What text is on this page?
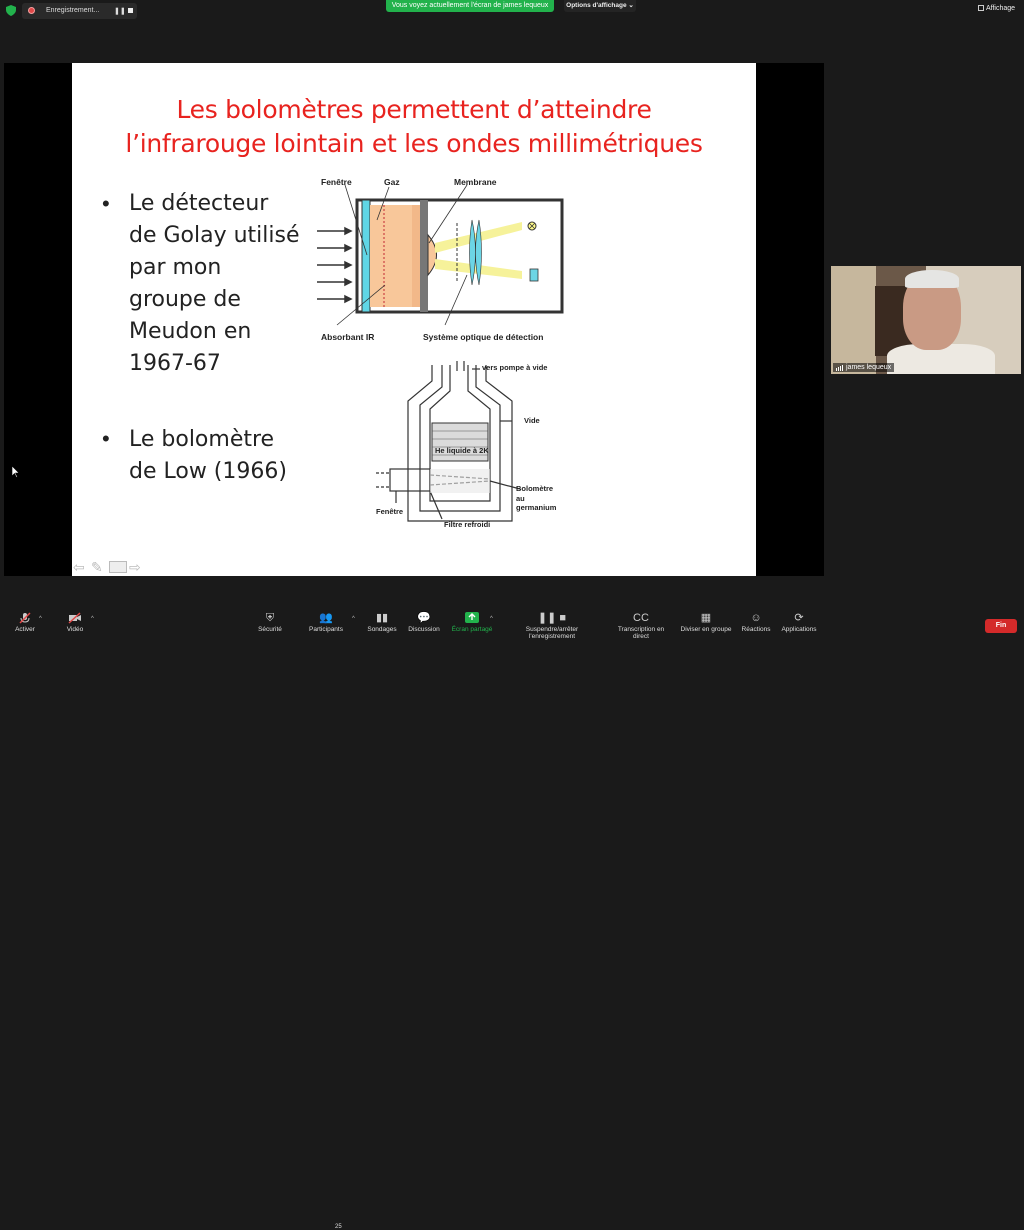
Enregistrement... ❚❚
Vous voyez actuellement l'écran de james lequeux	Options d'affichage ⌄	Affichage
Les bolomètres permettent d’atteindre
l’infrarouge lointain et les ondes millimétriques
• Le détecteur
de Golay utilisé
par mon
groupe de
Meudon en
1967-67
• Le bolomètre
de Low (1966)
Fenêtre	Gaz	Membrane
Absorbant IR	Système optique de détection
vers pompe à vide
Vide
He liquide à 2K
Bolomètre
au
germanium
Fenêtre
Filtre refroidi
⇦ ✎	⇨
james lequeux
Activer
^
Vidéo
^	⛨
Sécurité
👥
Participants
25
^	▮▮
Sondages
💬
Discussion	Écran partagé
^	❚❚ ■
Suspendre/arrêter l'enregistrement
CC
Transcription en direct
▦
Diviser en groupe
☺
Réactions
⟳
Applications
Fin
